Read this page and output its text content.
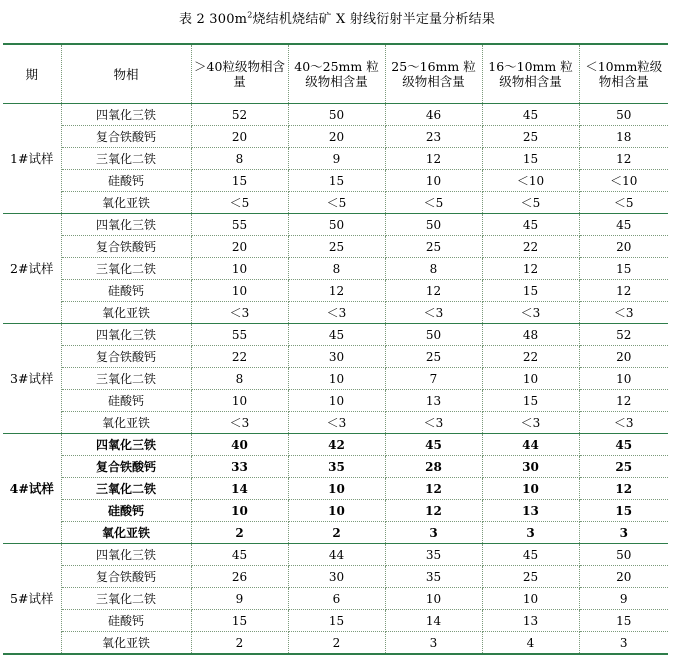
表 2 $300m^2$烧结机烧结矿 X 射线衍射半定量分析结果
期	物相	＞40粒级物相含量	40～25mm 粒级物相含量	25～16mm 粒级物相含量	16～10mm 粒级物相含量	＜10mm粒级物相含量
1#试样	四氧化三铁	52	50	46	45	50
	复合铁酸钙	20	20	23	25	18
	三氧化二铁	8	9	12	15	12
	硅酸钙	15	15	10	＜10	＜10
	氧化亚铁	＜5	＜5	＜5	＜5	＜5
2#试样	四氧化三铁	55	50	50	45	45
	复合铁酸钙	20	25	25	22	20
	三氧化二铁	10	8	8	12	15
	硅酸钙	10	12	12	15	12
	氧化亚铁	＜3	＜3	＜3	＜3	＜3
3#试样	四氧化三铁	55	45	50	48	52
	复合铁酸钙	22	30	25	22	20
	三氧化二铁	8	10	7	10	10
	硅酸钙	10	10	13	15	12
	氧化亚铁	＜3	＜3	＜3	＜3	＜3
4#试样	四氧化三铁	40	42	45	44	45
	复合铁酸钙	33	35	28	30	25
	三氧化二铁	14	10	12	10	12
	硅酸钙	10	10	12	13	15
	氧化亚铁	2	2	3	3	3
5#试样	四氧化三铁	45	44	35	45	50
	复合铁酸钙	26	30	35	25	20
	三氧化二铁	9	6	10	10	9
	硅酸钙	15	15	14	13	15
	氧化亚铁	2	2	3	4	3
